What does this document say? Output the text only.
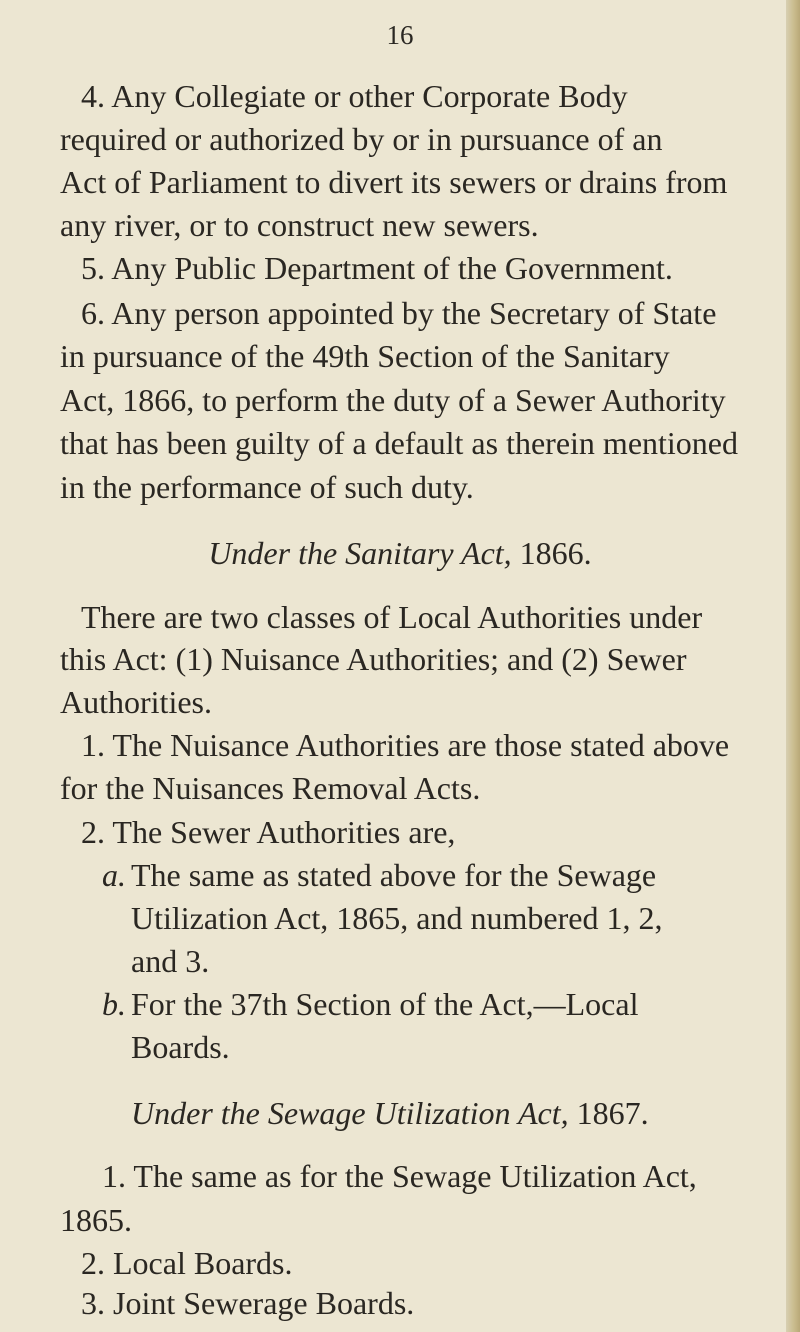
16
4. Any Collegiate or other Corporate Body
required or authorized by or in pursuance of an
Act of Parliament to divert its sewers or drains from
any river, or to construct new sewers.
5. Any Public Department of the Government.
6. Any person appointed by the Secretary of State
in pursuance of the 49th Section of the Sanitary
Act, 1866, to perform the duty of a Sewer Authority
that has been guilty of a default as therein mentioned
in the performance of such duty.
Under the Sanitary Act, 1866.
There are two classes of Local Authorities under
this Act: (1) Nuisance Authorities; and (2) Sewer
Authorities.
1. The Nuisance Authorities are those stated above
for the Nuisances Removal Acts.
2. The Sewer Authorities are,
a. The same as stated above for the Sewage
Utilization Act, 1865, and numbered 1, 2,
and 3.
b. For the 37th Section of the Act,—Local
Boards.
Under the Sewage Utilization Act, 1867.
1. The same as for the Sewage Utilization Act,
1865.
2. Local Boards.
3. Joint Sewerage Boards.
